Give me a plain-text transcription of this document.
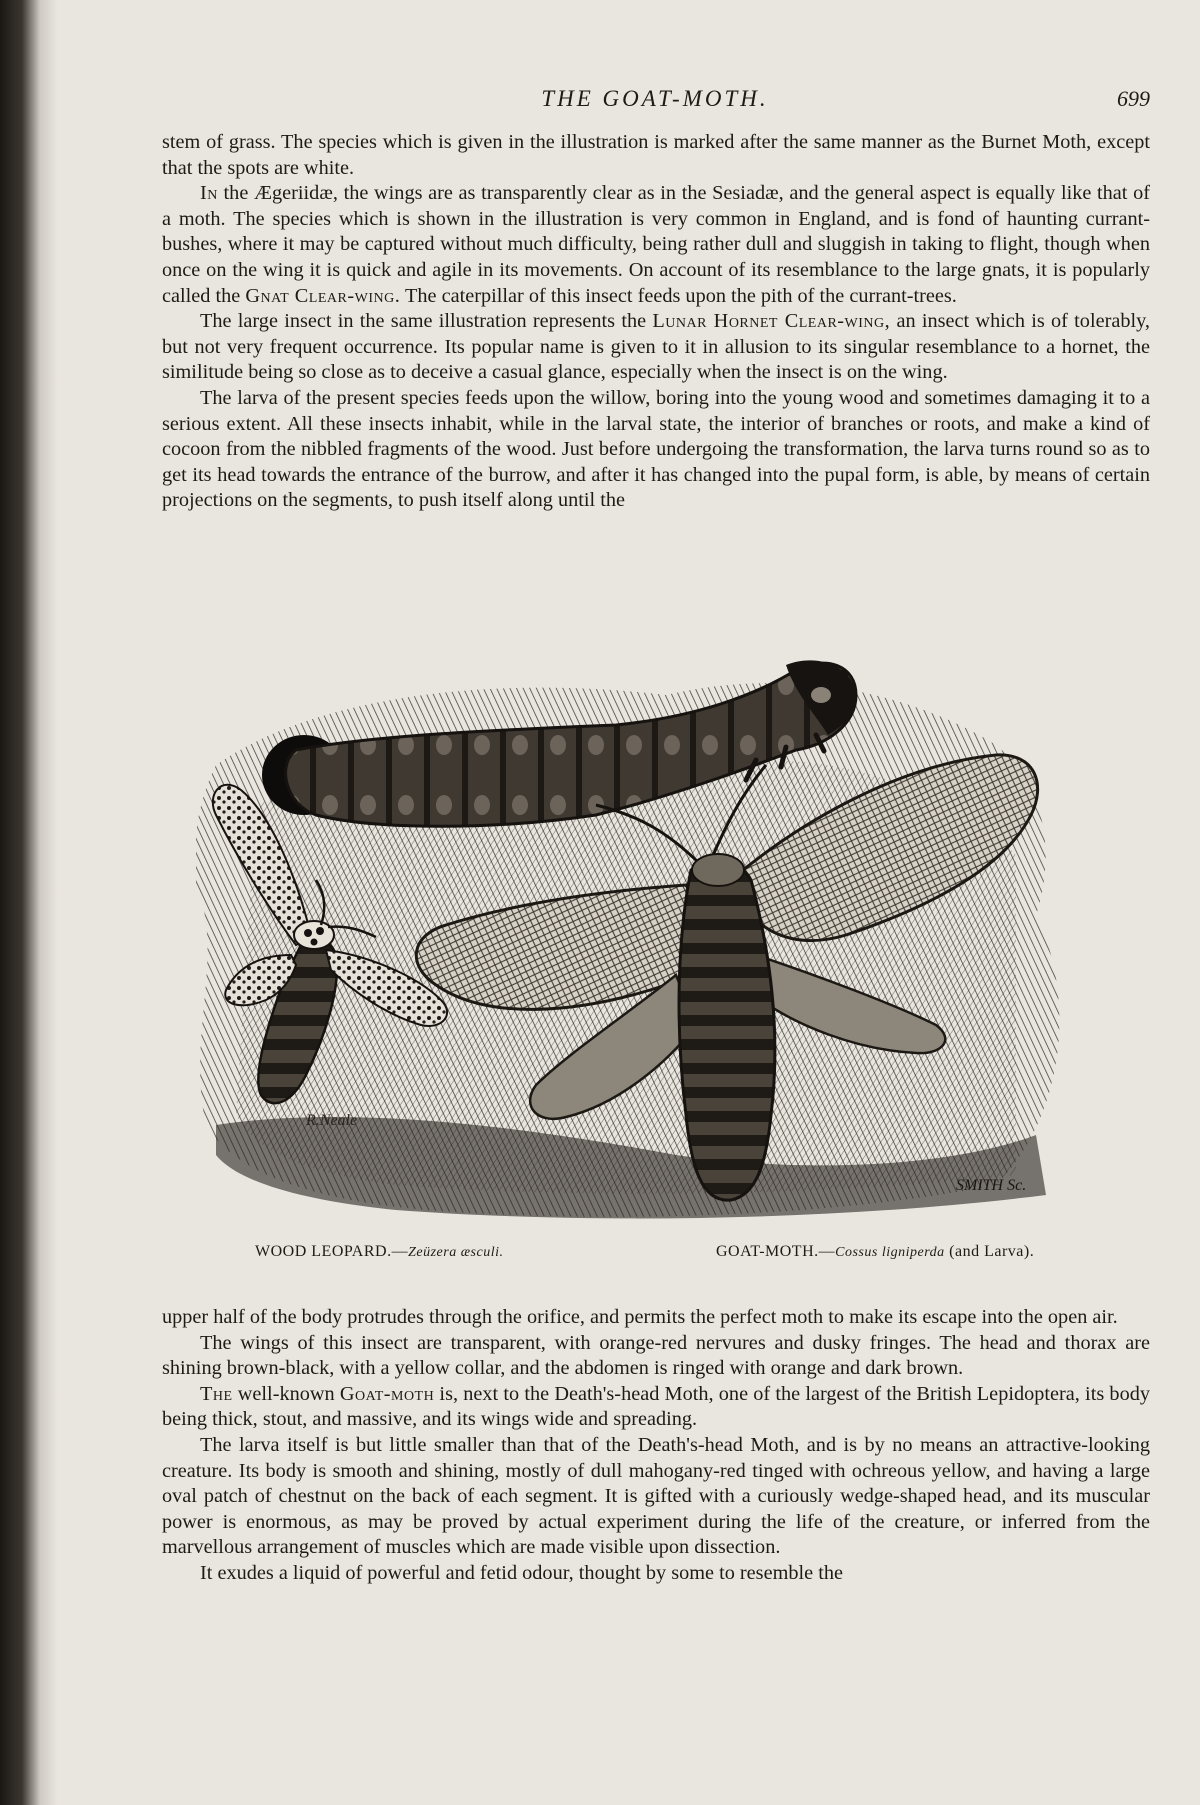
THE GOAT-MOTH.	699

stem of grass. The species which is given in the illustration is marked after the same manner as the Burnet Moth, except that the spots are white.

In the Ægeriidæ, the wings are as transparently clear as in the Sesiadæ, and the general aspect is equally like that of a moth. The species which is shown in the illustration is very common in England, and is fond of haunting currant-bushes, where it may be captured without much difficulty, being rather dull and sluggish in taking to flight, though when once on the wing it is quick and agile in its movements. On account of its resemblance to the large gnats, it is popularly called the Gnat Clear-wing. The caterpillar of this insect feeds upon the pith of the currant-trees.

The large insect in the same illustration represents the Lunar Hornet Clear-wing, an insect which is of tolerably, but not very frequent occurrence. Its popular name is given to it in allusion to its singular resemblance to a hornet, the similitude being so close as to deceive a casual glance, especially when the insect is on the wing.

The larva of the present species feeds upon the willow, boring into the young wood and sometimes damaging it to a serious extent. All these insects inhabit, while in the larval state, the interior of branches or roots, and make a kind of cocoon from the nibbled fragments of the wood. Just before undergoing the transformation, the larva turns round so as to get its head towards the entrance of the burrow, and after it has changed into the pupal form, is able, by means of certain projections on the segments, to push itself along until the

R.Neale
SMITH Sc.
WOOD LEOPARD.—Zeüzera æsculi.	GOAT-MOTH.—Cossus ligniperda (and Larva).

upper half of the body protrudes through the orifice, and permits the perfect moth to make its escape into the open air.

The wings of this insect are transparent, with orange-red nervures and dusky fringes. The head and thorax are shining brown-black, with a yellow collar, and the abdomen is ringed with orange and dark brown.

The well-known Goat-moth is, next to the Death's-head Moth, one of the largest of the British Lepidoptera, its body being thick, stout, and massive, and its wings wide and spreading.

The larva itself is but little smaller than that of the Death's-head Moth, and is by no means an attractive-looking creature. Its body is smooth and shining, mostly of dull mahogany-red tinged with ochreous yellow, and having a large oval patch of chestnut on the back of each segment. It is gifted with a curiously wedge-shaped head, and its muscular power is enormous, as may be proved by actual experiment during the life of the creature, or inferred from the marvellous arrangement of muscles which are made visible upon dissection.

It exudes a liquid of powerful and fetid odour, thought by some to resemble the
